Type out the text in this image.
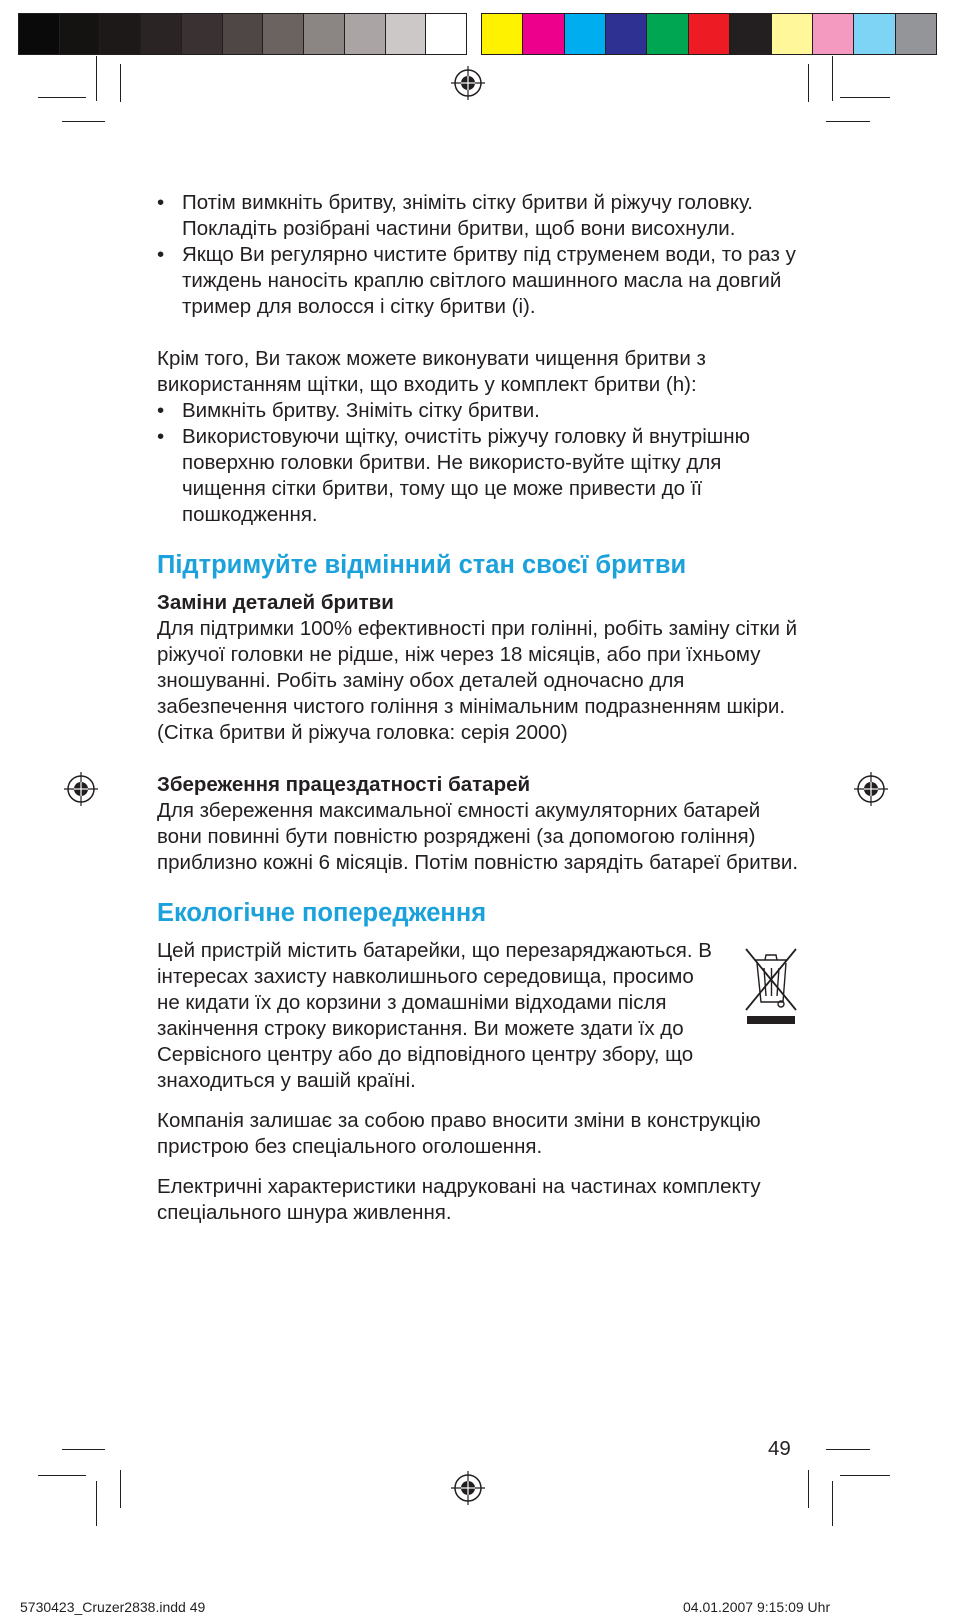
• Потім вимкніть бритву, зніміть сітку бритви й ріжучу головку. Покладіть розібрані частини бритви, щоб вони висохнули.
• Якщо Ви регулярно чистите бритву під струменем води, то раз у тиждень наносіть краплю світлого машинного масла на довгий тример для волосся і сітку бритви (i).

Крім того, Ви також можете виконувати чищення бритви з використанням щітки, що входить у комплект бритви (h):

• Вимкніть бритву. Зніміть сітку бритви.
• Використовуючи щітку, очистіть ріжучу головку й внутрішню поверхню головки бритви. Не використо-вуйте щітку для чищення сітки бритви, тому що це може привести до її пошкодження.
Підтримуйте відмінний стан своєї бритви

Заміни деталей бритви

Для підтримки 100% ефективності при голінні, робіть заміну сітки й ріжучої головки не рідше, ніж через 18 місяців, або при їхньому зношуванні. Робіть заміну обох деталей одночасно для забезпечення чистого гоління з мінімальним подразненням шкіри.

(Сітка бритви й ріжуча головка: серія 2000)

Збереження працездатності батарей

Для збереження максимальної ємності акумуляторних батарей вони повинні бути повністю розряджені (за допомогою гоління) приблизно кожні 6 місяців. Потім повністю зарядіть батареї бритви.

Екологічне попередження

Цей пристрій містить батарейки, що перезаряджаються. В інтересах захисту навколишнього середовища, просимо не кидати їх до корзини з домашніми відходами після закінчення строку використання. Ви можете здати їх до Сервісного центру або до відповідного центру збору, що знаходиться у вашій країні.

Компанія залишає за собою право вносити зміни в конструкцію пристрою без спеціального оголошення.

Електричні характеристики надруковані на частинах комплекту спеціального шнура живлення.

49
5730423_Cruzer2838.indd 49	04.01.2007 9:15:09 Uhr
